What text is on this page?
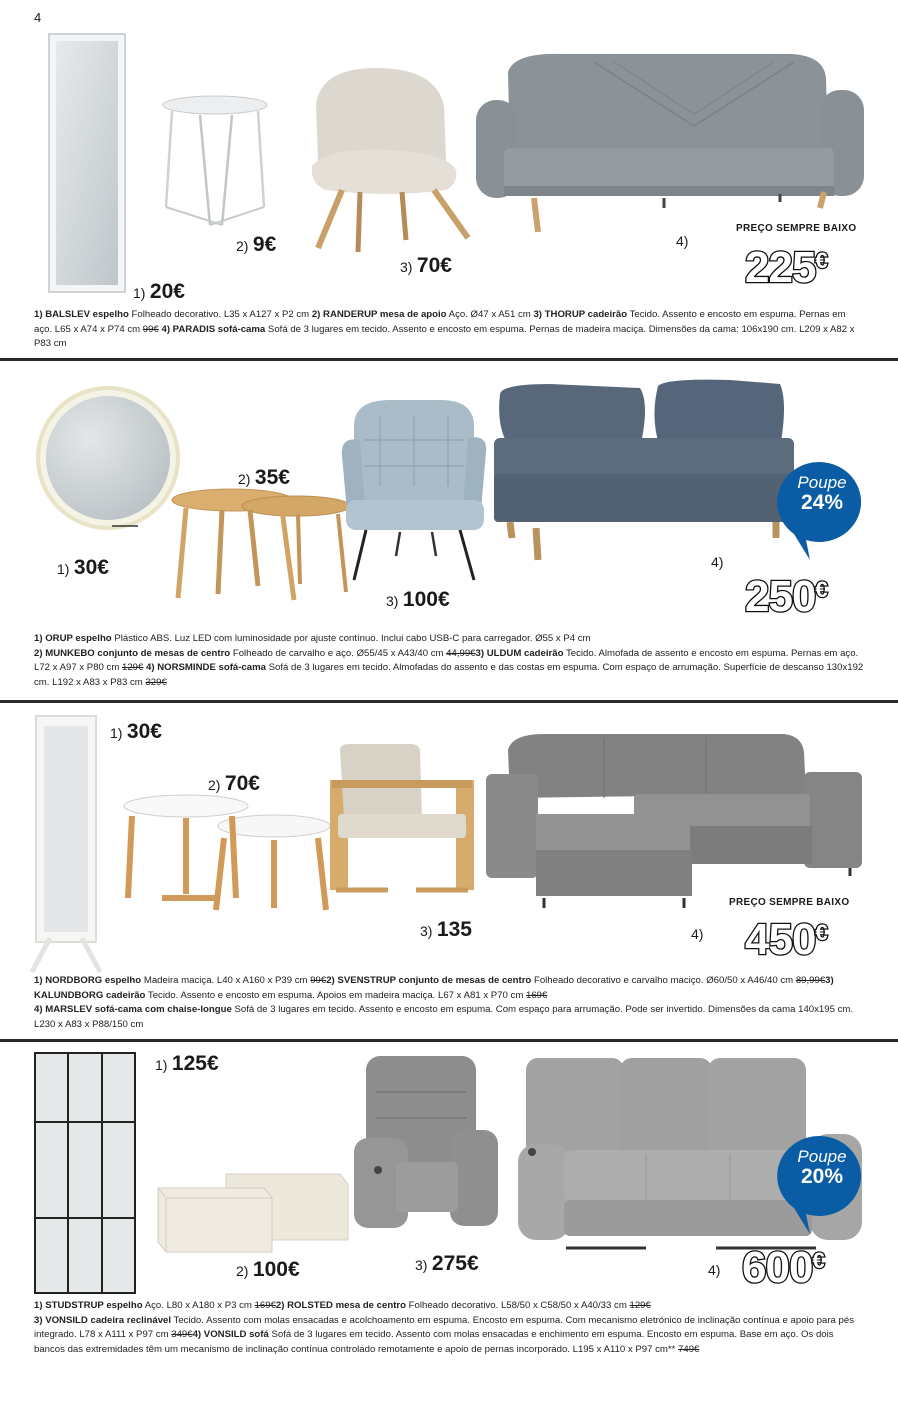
4
1) 20€
2) 9€
3) 70€
4)
PREÇO SEMPRE BAIXO
225€
1) BALSLEV espelho Folheado decorativo. L35 x A127 x P2 cm 2) RANDERUP mesa de apoio Aço. Ø47 x A51 cm 3) THORUP cadeirão Tecido. Assento e encosto em espuma. Pernas em aço. L65 x A74 x P74 cm 99€ 4) PARADIS sofá-cama Sofá de 3 lugares em tecido. Assento e encosto em espuma. Pernas de madeira maciça. Dimensões da cama: 106x190 cm. L209 x A82 x P83 cm
Poupe
24%
1) 30€
2) 35€
3) 100€
4)
250€
1) ORUP espelho Plástico ABS. Luz LED com luminosidade por ajuste contínuo. Inclui cabo USB-C para carregador. Ø55 x P4 cm
2) MUNKEBO conjunto de mesas de centro Folheado de carvalho e aço. Ø55/45 x A43/40 cm 44,99€3) ULDUM cadeirão Tecido. Almofada de assento e encosto em espuma. Pernas em aço. L72 x A97 x P80 cm 129€ 4) NORSMINDE sofá-cama Sofá de 3 lugares em tecido. Almofadas do assento e das costas em espuma. Com espaço de arrumação. Superfície de descanso 130x192 cm. L192 x A83 x P83 cm 329€
1) 30€
2) 70€
3) 135	4)
PREÇO SEMPRE BAIXO
450€
1) NORDBORG espelho Madeira maciça. L40 x A160 x P39 cm 99€2) SVENSTRUP conjunto de mesas de centro Folheado decorativo e carvalho maciço. Ø60/50 x A46/40 cm 89,99€3) KALUNDBORG cadeirão Tecido. Assento e encosto em espuma. Apoios em madeira maciça. L67 x A81 x P70 cm 169€
4) MARSLEV sofá-cama com chaise-longue Sofá de 3 lugares em tecido. Assento e encosto em espuma. Com espaço para arrumação. Pode ser invertido. Dimensões da cama 140x195 cm. L230 x A83 x P88/150 cm
Poupe
20%
1) 125€
2) 100€	3) 275€	4) 600€
1) STUDSTRUP espelho Aço. L80 x A180 x P3 cm 169€2) ROLSTED mesa de centro Folheado decorativo. L58/50 x C58/50 x A40/33 cm 129€
3) VONSILD cadeira reclinável Tecido. Assento com molas ensacadas e acolchoamento em espuma. Encosto em espuma. Com mecanismo eletrónico de inclinação contínua e apoio para pés integrado. L78 x A111 x P97 cm 349€4) VONSILD sofá Sofá de 3 lugares em tecido. Assento com molas ensacadas e enchimento em espuma. Encosto em espuma. Base em aço. Os dois bancos das extremidades têm um mecanismo de inclinação contínua controlado remotamente e apoio de pernas incorporado. L195 x A110 x P97 cm** 749€
